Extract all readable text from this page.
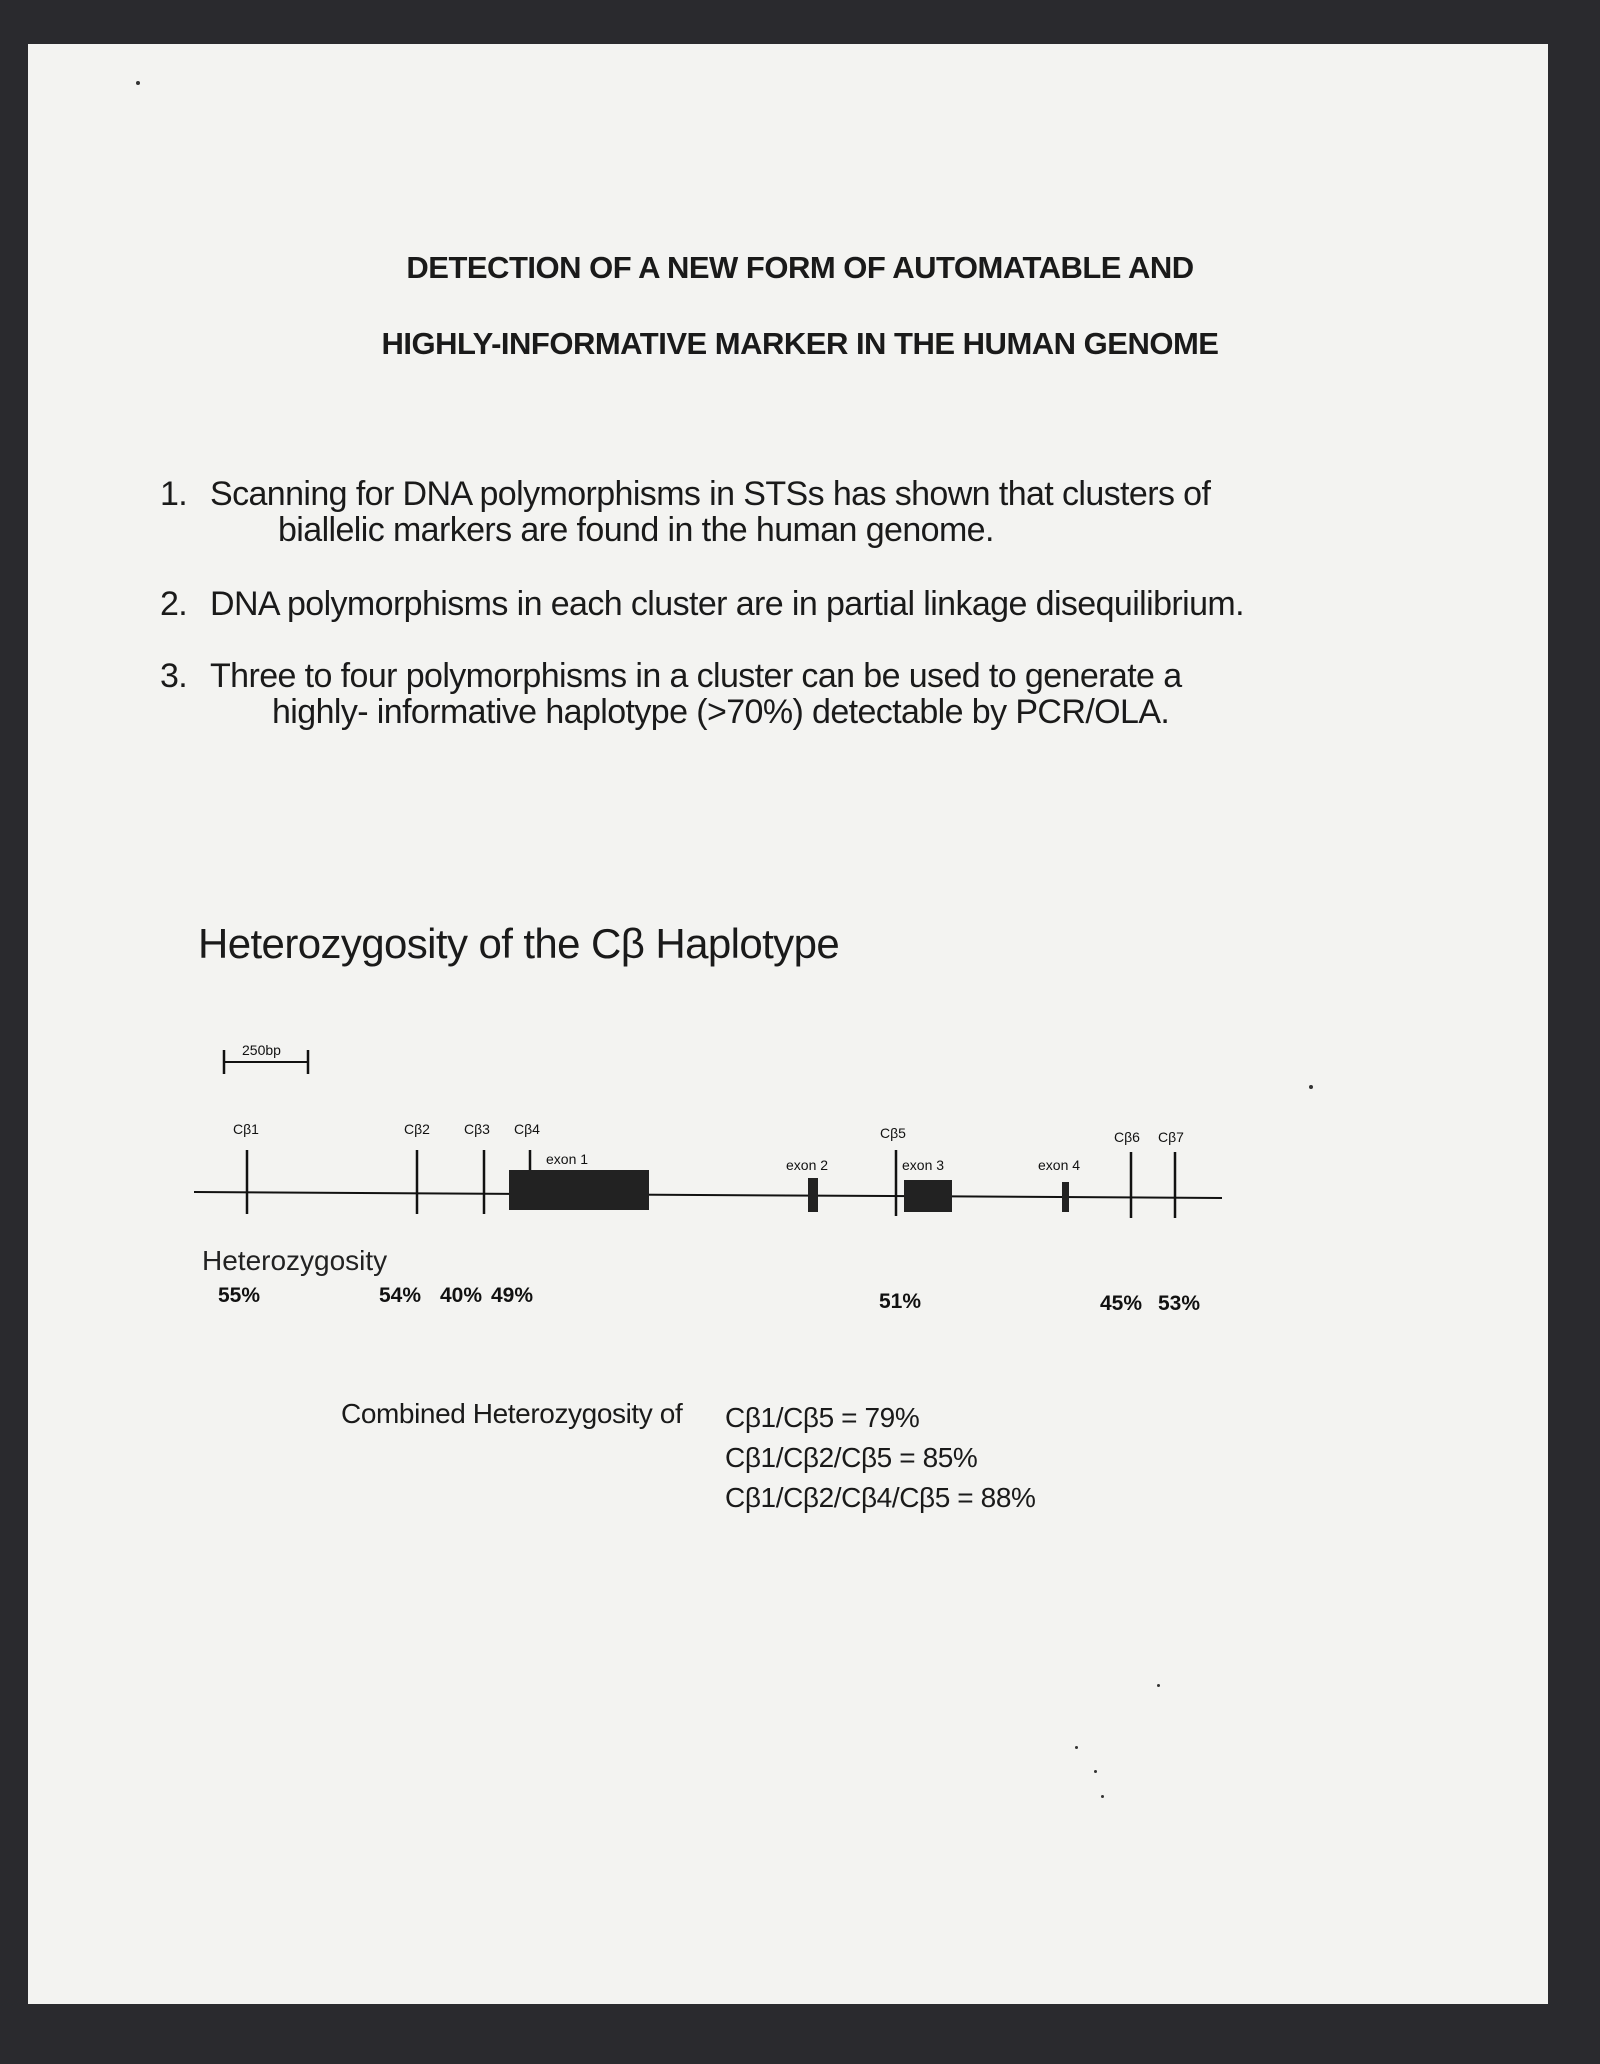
DETECTION OF A NEW FORM OF AUTOMATABLE AND
HIGHLY-INFORMATIVE MARKER IN THE HUMAN GENOME
1. Scanning for DNA polymorphisms in STSs has shown that clusters of
biallelic markers are found in the human genome.
2. DNA polymorphisms in each cluster are in partial linkage disequilibrium.
3. Three to four polymorphisms in a cluster can be used to generate a
highly- informative haplotype (>70%) detectable by PCR/OLA.
Heterozygosity of the Cβ Haplotype
250bp
Cβ1	Cβ2 Cβ3 Cβ4	Cβ5	Cβ6 Cβ7
exon 1	exon 2	exon 3	exon 4
Heterozygosity
55%	54% 40% 49%	51%	45% 53%
Combined Heterozygosity of Cβ1/Cβ5 = 79%
Cβ1/Cβ2/Cβ5 = 85%
Cβ1/Cβ2/Cβ4/Cβ5 = 88%
